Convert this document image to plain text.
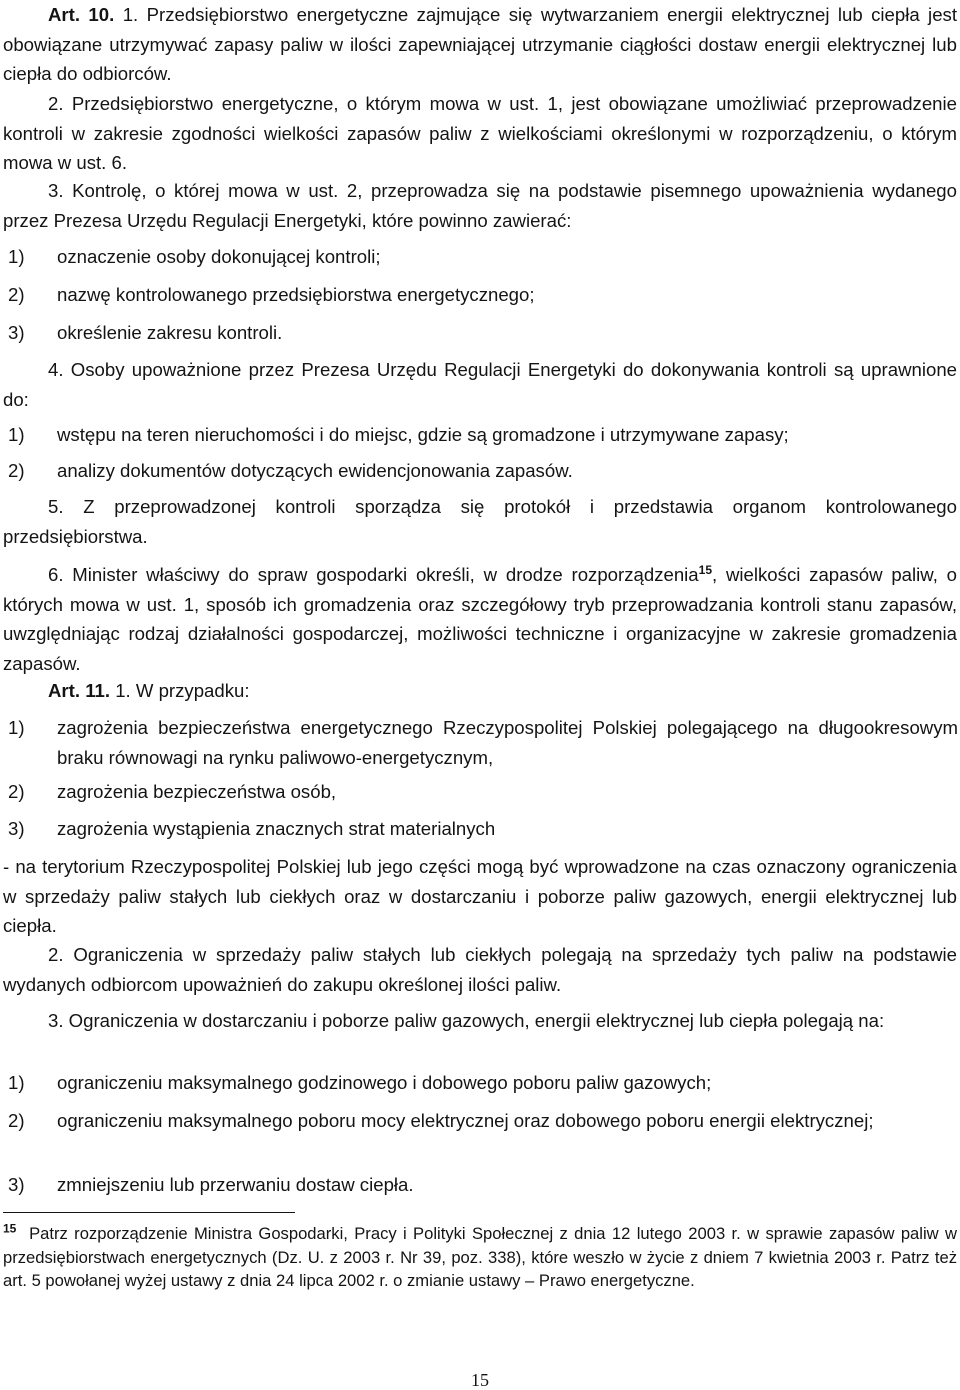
Art. 10. 1. Przedsiębiorstwo energetyczne zajmujące się wytwarzaniem energii elektrycznej lub ciepła jest obowiązane utrzymywać zapasy paliw w ilości zapewniającej utrzymanie ciągłości dostaw energii elektrycznej lub ciepła do odbiorców.

2. Przedsiębiorstwo energetyczne, o którym mowa w ust. 1, jest obowiązane umożliwiać przeprowadzenie kontroli w zakresie zgodności wielkości zapasów paliw z wielkościami określonymi w rozporządzeniu, o którym mowa w ust. 6.

3. Kontrolę, o której mowa w ust. 2, przeprowadza się na podstawie pisemnego upoważnienia wydanego przez Prezesa Urzędu Regulacji Energetyki, które powinno zawierać:

1) oznaczenie osoby dokonującej kontroli;
2) nazwę kontrolowanego przedsiębiorstwa energetycznego;
3) określenie zakresu kontroli.

4. Osoby upoważnione przez Prezesa Urzędu Regulacji Energetyki do dokonywania kontroli są uprawnione do:

1) wstępu na teren nieruchomości i do miejsc, gdzie są gromadzone i utrzymywane zapasy;
2) analizy dokumentów dotyczących ewidencjonowania zapasów.

5. Z przeprowadzonej kontroli sporządza się protokół i przedstawia organom kontrolowanego przedsiębiorstwa.

6. Minister właściwy do spraw gospodarki określi, w drodze rozporządzenia$^{15}$, wielkości zapasów paliw, o których mowa w ust. 1, sposób ich gromadzenia oraz szczegółowy tryb przeprowadzania kontroli stanu zapasów, uwzględniając rodzaj działalności gospodarczej, możliwości techniczne i organizacyjne w zakresie gromadzenia zapasów.

Art. 11. 1. W przypadku:

1) zagrożenia bezpieczeństwa energetycznego Rzeczypospolitej Polskiej polegającego na długookresowym braku równowagi na rynku paliwowo-energetycznym,
2) zagrożenia bezpieczeństwa osób,
3) zagrożenia wystąpienia znacznych strat materialnych

- na terytorium Rzeczypospolitej Polskiej lub jego części mogą być wprowadzone na czas oznaczony ograniczenia w sprzedaży paliw stałych lub ciekłych oraz w dostarczaniu i poborze paliw gazowych, energii elektrycznej lub ciepła.

2. Ograniczenia w sprzedaży paliw stałych lub ciekłych polegają na sprzedaży tych paliw na podstawie wydanych odbiorcom upoważnień do zakupu określonej ilości paliw.

3. Ograniczenia w dostarczaniu i poborze paliw gazowych, energii elektrycznej lub ciepła polegają na:

1) ograniczeniu maksymalnego godzinowego i dobowego poboru paliw gazowych;
2) ograniczeniu maksymalnego poboru mocy elektrycznej oraz dobowego poboru energii elektrycznej;
3) zmniejszeniu lub przerwaniu dostaw ciepła.

$^{15}$ Patrz rozporządzenie Ministra Gospodarki, Pracy i Polityki Społecznej z dnia 12 lutego 2003 r. w sprawie zapasów paliw w przedsiębiorstwach energetycznych (Dz. U. z 2003 r. Nr 39, poz. 338), które weszło w życie z dniem 7 kwietnia 2003 r. Patrz też art. 5 powołanej wyżej ustawy z dnia 24 lipca 2002 r. o zmianie ustawy – Prawo energetyczne.

15
